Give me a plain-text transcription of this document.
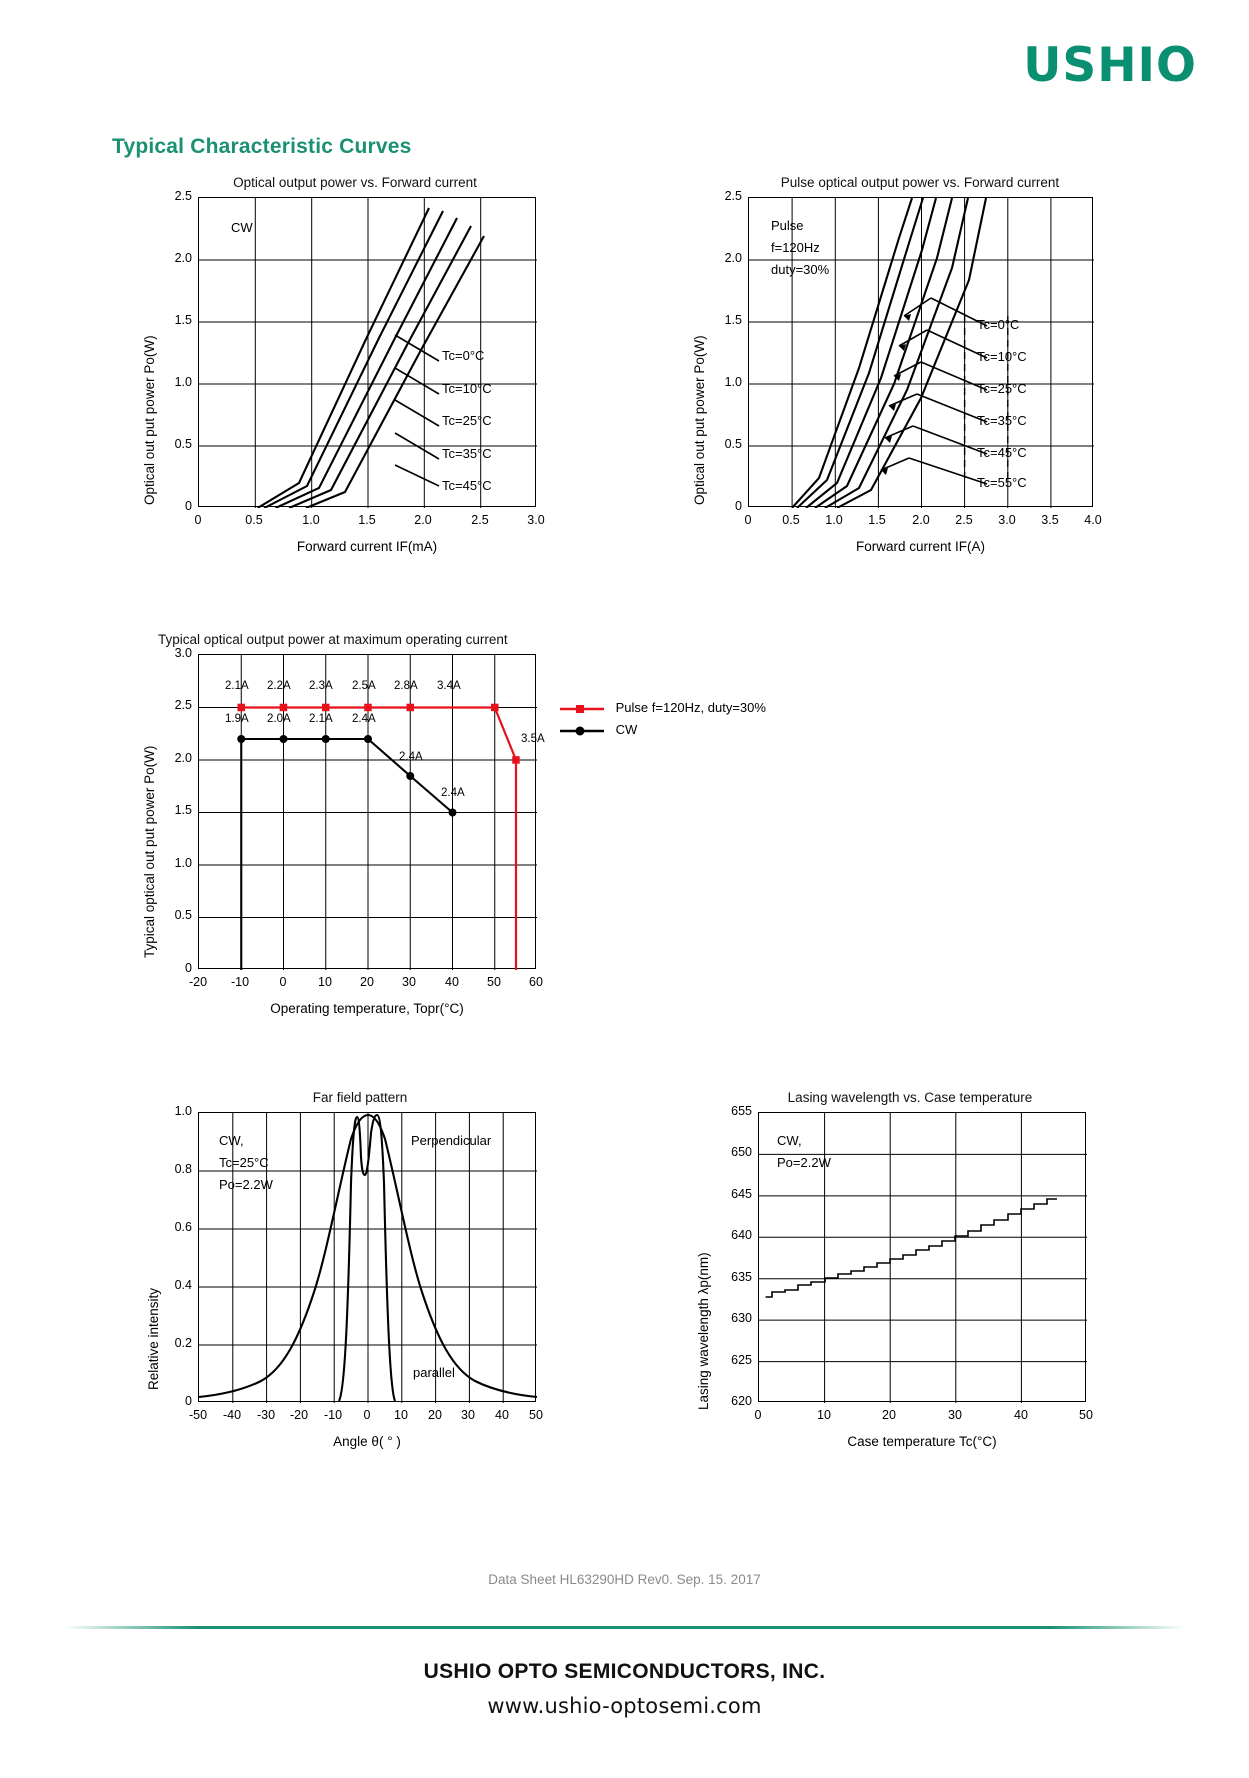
USHIO
Typical Characteristic Curves
Optical output power vs. Forward current
Optical out put power Po(W)
CW
Tc=0°C
Tc=10°C
Tc=25°C
Tc=35°C
Tc=45°C
2.5
2.0
1.5
1.0
0.5
0
0	0.5	1.0	1.5	2.0	2.5	3.0
Forward current IF(mA)
Pulse optical output power vs. Forward current
Optical out put power Po(W)
Pulse
f=120Hz
duty=30%
Tc=0°C
Tc=10°C
Tc=25°C
Tc=35°C
Tc=45°C
Tc=55°C
2.5
2.0
1.5
1.0
0.5
0
0	0.5	1.0	1.5	2.0	2.5	3.0	3.5	4.0
Forward current IF(A)
Typical optical output power at maximum operating current
Typical optical out put power Po(W)
2.1A 2.2A 2.3A 2.5A 2.8A 3.4A
3.5A
1.9A 2.0A 2.1A 2.4A
2.4A
2.4A
3.0
2.5
2.0
1.5
1.0
0.5
0
-20	-10	0	10	20	30	40	50	60
Operating temperature, Topr(°C)
Pulse f=120Hz, duty=30%
CW
Far field pattern
Relative intensity
CW,
Tc=25°C
Po=2.2W
Perpendicular
parallel
1.0
0.8
0.6
0.4
0.2
0
-50	-40	-30	-20	-10	0	10	20	30	40	50
Angle θ( ° )
Lasing wavelength vs. Case temperature
Lasing wavelength λp(nm)
CW,
Po=2.2W
655
650
645
640
635
630
625
620
0	10	20	30	40	50
Case temperature Tc(°C)
Data Sheet HL63290HD Rev0. Sep. 15. 2017
USHIO OPTO SEMICONDUCTORS, INC.
www.ushio-optosemi.com
